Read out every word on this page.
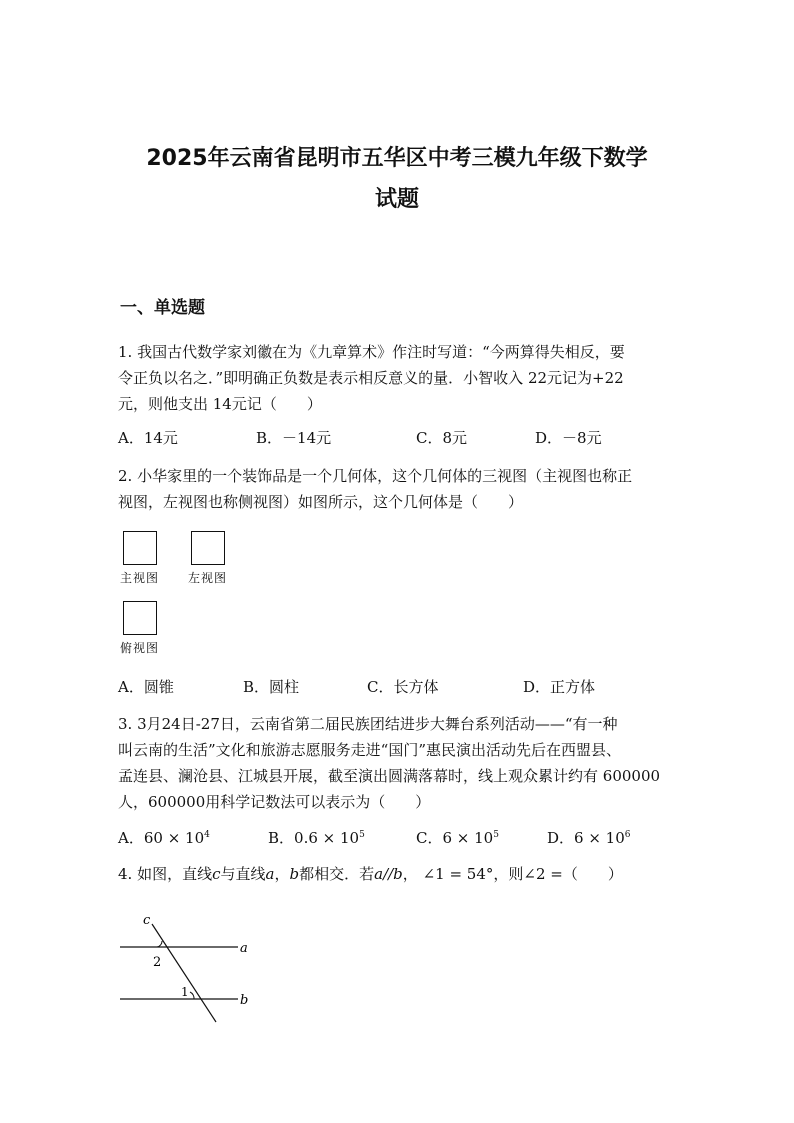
2025年云南省昆明市五华区中考三模九年级下数学
试题
一、单选题
1. 我国古代数学家刘徽在为《九章算术》作注时写道：“今两算得失相反，要
令正负以名之．”即明确正负数是表示相反意义的量．小智收入 22元记为+22
元，则他支出 14元记（　　）
A．14元	B．－14元	C．8元	D．－8元
2. 小华家里的一个装饰品是一个几何体，这个几何体的三视图（主视图也称正
视图，左视图也称侧视图）如图所示，这个几何体是（　　）
主视图 左视图
俯视图
A．圆锥	B．圆柱	C．长方体	D．正方体
3. 3月24日-27日，云南省第二届民族团结进步大舞台系列活动——“有一种
叫云南的生活”文化和旅游志愿服务走进“国门”惠民演出活动先后在西盟县、
孟连县、澜沧县、江城县开展，截至演出圆满落幕时，线上观众累计约有 600000
人，600000用科学记数法可以表示为（　　）
A．$60 \times 10^4$	B．$0.6 \times 10^5$	C．$6 \times 10^5$	D．$6 \times 10^6$
4. 如图，直线c与直线a，b都相交．若a//b， ∠1 = 54°，则∠2 =（　　）
c
a
b
2
1
